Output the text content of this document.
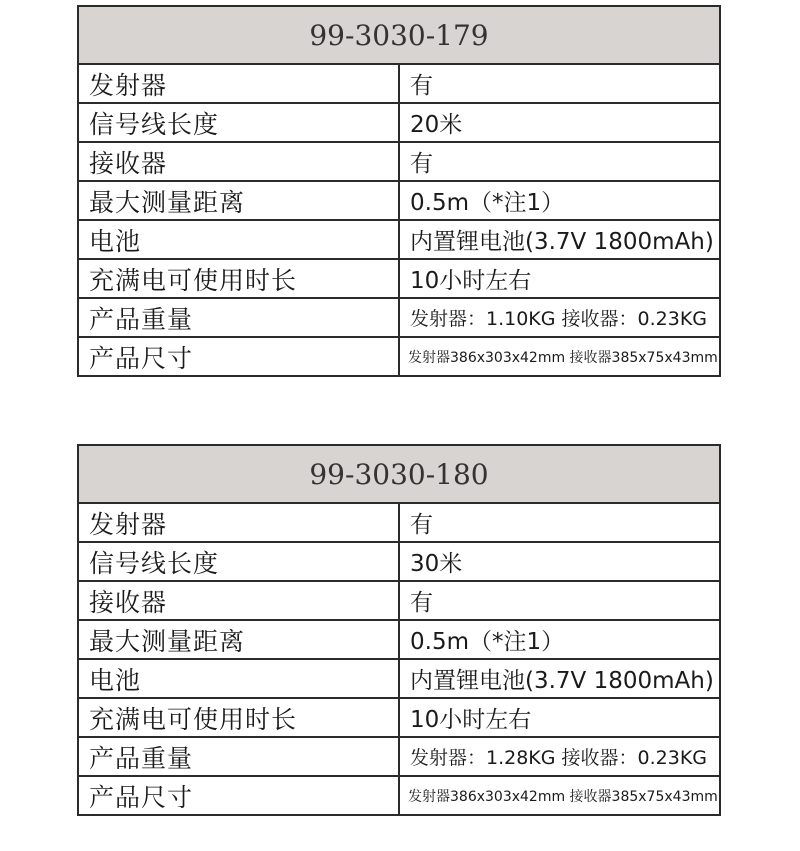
99-3030-179	
发射器	有
信号线长度	20米
接收器	有
最大测量距离	0.5m（*注1）
电池	内置锂电池(3.7V 1800mAh)
充满电可使用时长	10小时左右
产品重量	发射器：1.10KG 接收器：0.23KG
产品尺寸	发射器386x303x42mm 接收器385x75x43mm
99-3030-180	
发射器	有
信号线长度	30米
接收器	有
最大测量距离	0.5m（*注1）
电池	内置锂电池(3.7V 1800mAh)
充满电可使用时长	10小时左右
产品重量	发射器：1.28KG 接收器：0.23KG
产品尺寸	发射器386x303x42mm 接收器385x75x43mm
